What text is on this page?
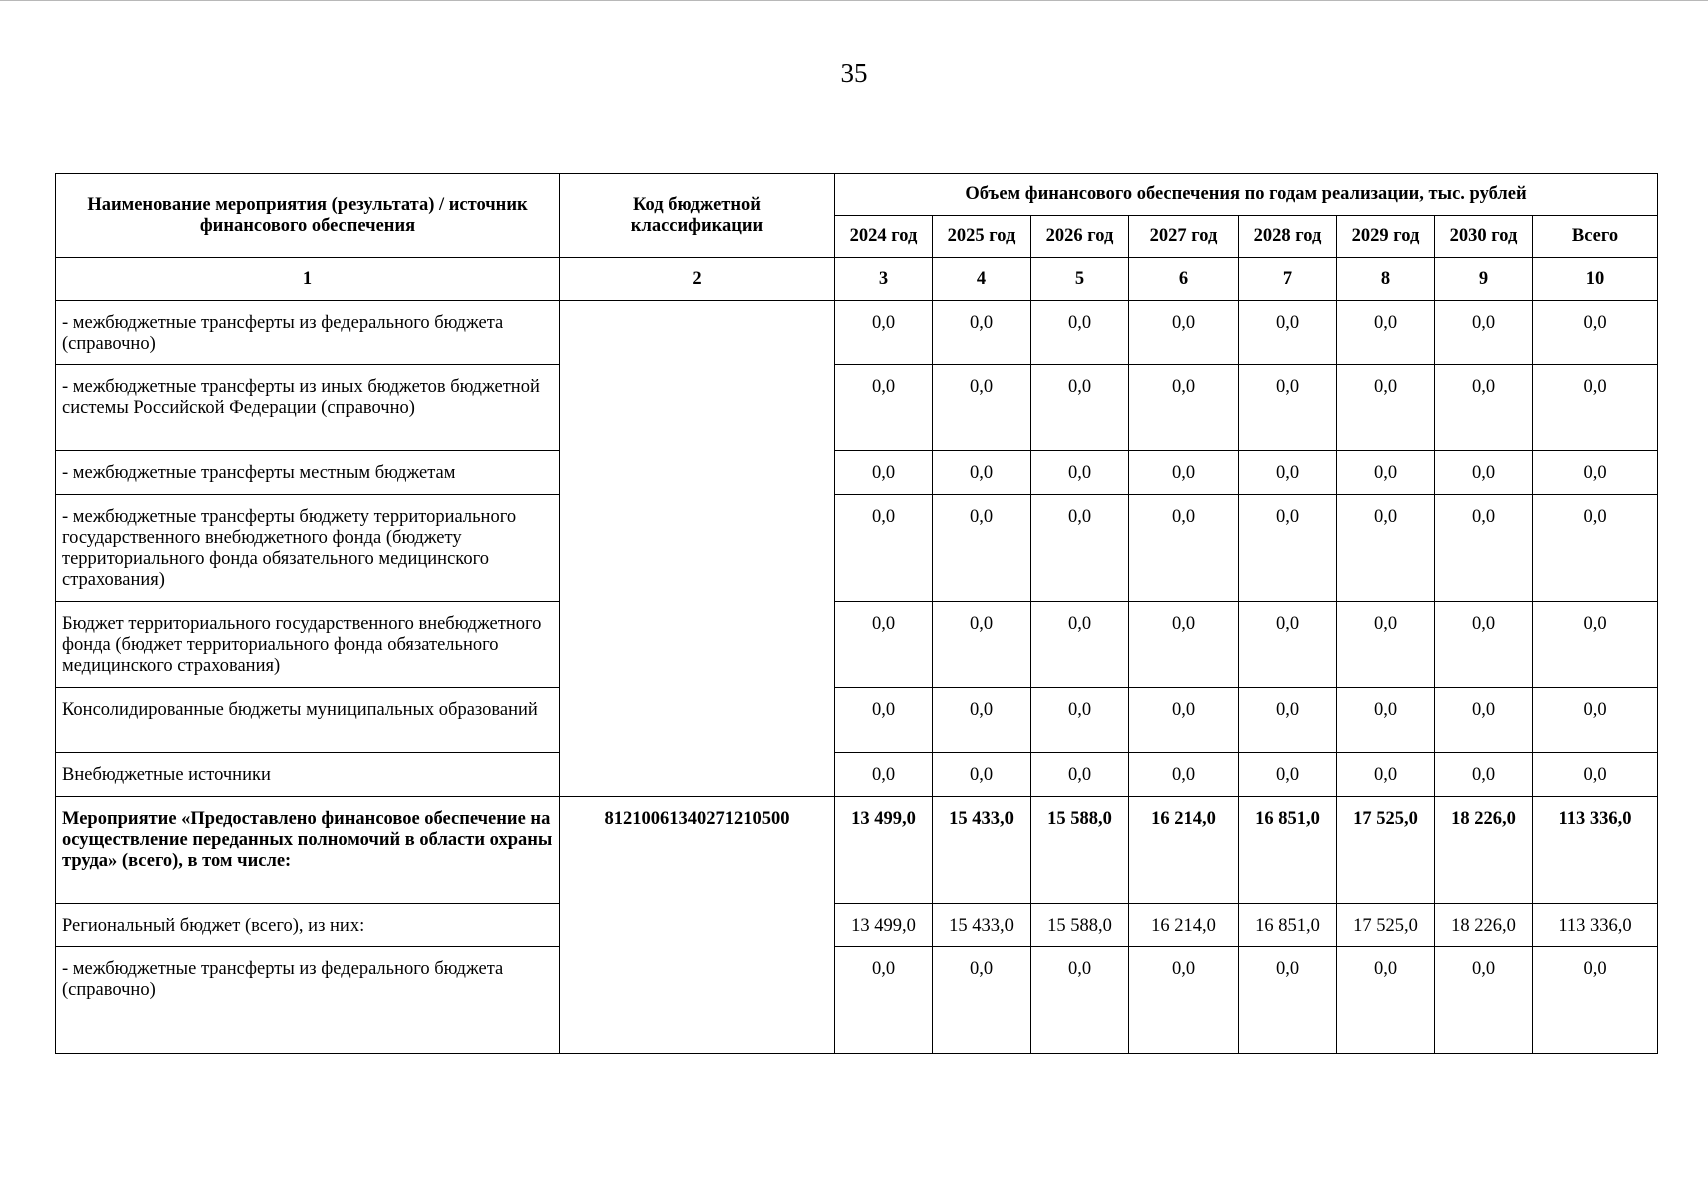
35
Наименование мероприятия (результата) / источник финансового обеспечения	Код бюджетной классификации	Объем финансового обеспечения по годам реализации, тыс. рублей							
		2024 год	2025 год	2026 год	2027 год	2028 год	2029 год	2030 год	Всего
1	2	3	4	5	6	7	8	9	10
- межбюджетные трансферты из федерального бюджета (справочно)		0,0	0,0	0,0	0,0	0,0	0,0	0,0	0,0
- межбюджетные трансферты из иных бюджетов бюджетной системы Российской Федерации (справочно)		0,0	0,0	0,0	0,0	0,0	0,0	0,0	0,0
- межбюджетные трансферты местным бюджетам		0,0	0,0	0,0	0,0	0,0	0,0	0,0	0,0
- межбюджетные трансферты бюджету территориального государственного внебюджетного фонда (бюджету территориального фонда обязательного медицинского страхования)		0,0	0,0	0,0	0,0	0,0	0,0	0,0	0,0
Бюджет территориального государственного внебюджетного фонда (бюджет территориального фонда обязательного медицинского страхования)		0,0	0,0	0,0	0,0	0,0	0,0	0,0	0,0
Консолидированные бюджеты муниципальных образований		0,0	0,0	0,0	0,0	0,0	0,0	0,0	0,0
Внебюджетные источники		0,0	0,0	0,0	0,0	0,0	0,0	0,0	0,0
Мероприятие «Предоставлено финансовое обеспечение на осуществление переданных полномочий в области охраны труда» (всего), в том числе:	81210061340271210500	13 499,0	15 433,0	15 588,0	16 214,0	16 851,0	17 525,0	18 226,0	113 336,0
Региональный бюджет (всего), из них:		13 499,0	15 433,0	15 588,0	16 214,0	16 851,0	17 525,0	18 226,0	113 336,0
- межбюджетные трансферты из федерального бюджета (справочно)		0,0	0,0	0,0	0,0	0,0	0,0	0,0	0,0
